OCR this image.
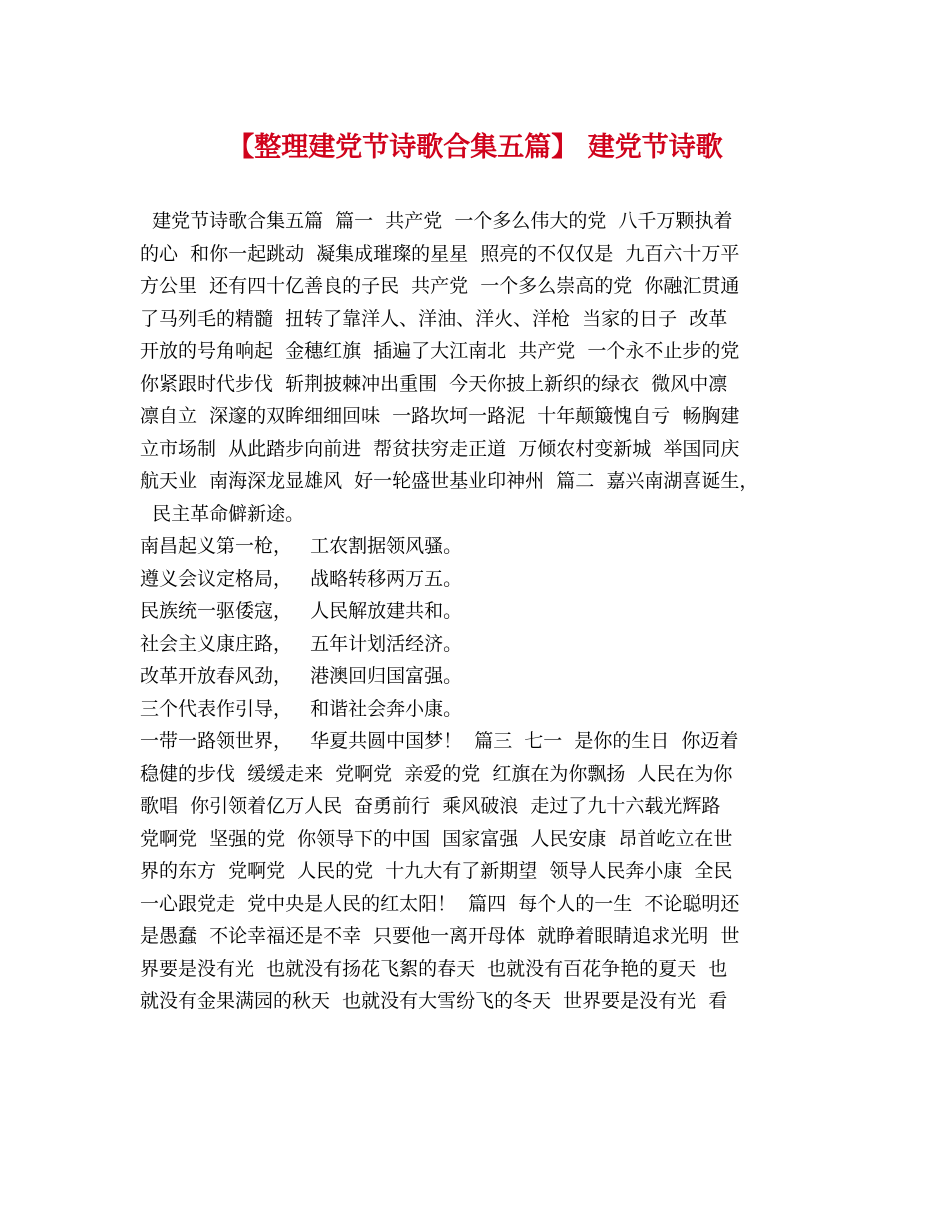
【整理建党节诗歌合集五篇】 建党节诗歌
建党节诗歌合集五篇  篇一  共产党  一个多么伟大的党  八千万颗执着
的心  和你一起跳动  凝集成璀璨的星星  照亮的不仅仅是  九百六十万平
方公里  还有四十亿善良的子民  共产党  一个多么崇高的党  你融汇贯通
了马列毛的精髓  扭转了靠洋人、洋油、洋火、洋枪  当家的日子  改革
开放的号角响起  金穗红旗  插遍了大江南北  共产党  一个永不止步的党
你紧跟时代步伐  斩荆披棘冲出重围  今天你披上新织的绿衣  微风中凛
凛自立  深邃的双眸细细回味  一路坎坷一路泥  十年颠簸愧自亏  畅胸建
立市场制  从此踏步向前进  帮贫扶穷走正道  万倾农村变新城  举国同庆
航天业  南海深龙显雄风  好一轮盛世基业印神州  篇二  嘉兴南湖喜诞生，
民主革命僻新途。
南昌起义第一枪，   工农割据领风骚。
遵义会议定格局，   战略转移两万五。
民族统一驱倭寇，   人民解放建共和。
社会主义康庄路，   五年计划活经济。
改革开放春风劲，   港澳回归国富强。
三个代表作引导，   和谐社会奔小康。
一带一路领世界，   华夏共圆中国梦！  篇三  七一  是你的生日  你迈着
稳健的步伐  缓缓走来  党啊党  亲爱的党  红旗在为你飘扬  人民在为你
歌唱  你引领着亿万人民  奋勇前行  乘风破浪  走过了九十六载光辉路
党啊党  坚强的党  你领导下的中国  国家富强  人民安康  昂首屹立在世
界的东方  党啊党  人民的党  十九大有了新期望  领导人民奔小康  全民
一心跟党走  党中央是人民的红太阳！  篇四  每个人的一生  不论聪明还
是愚蠢  不论幸福还是不幸  只要他一离开母体  就睁着眼睛追求光明  世
界要是没有光  也就没有扬花飞絮的春天  也就没有百花争艳的夏天  也
就没有金果满园的秋天  也就没有大雪纷飞的冬天  世界要是没有光  看
